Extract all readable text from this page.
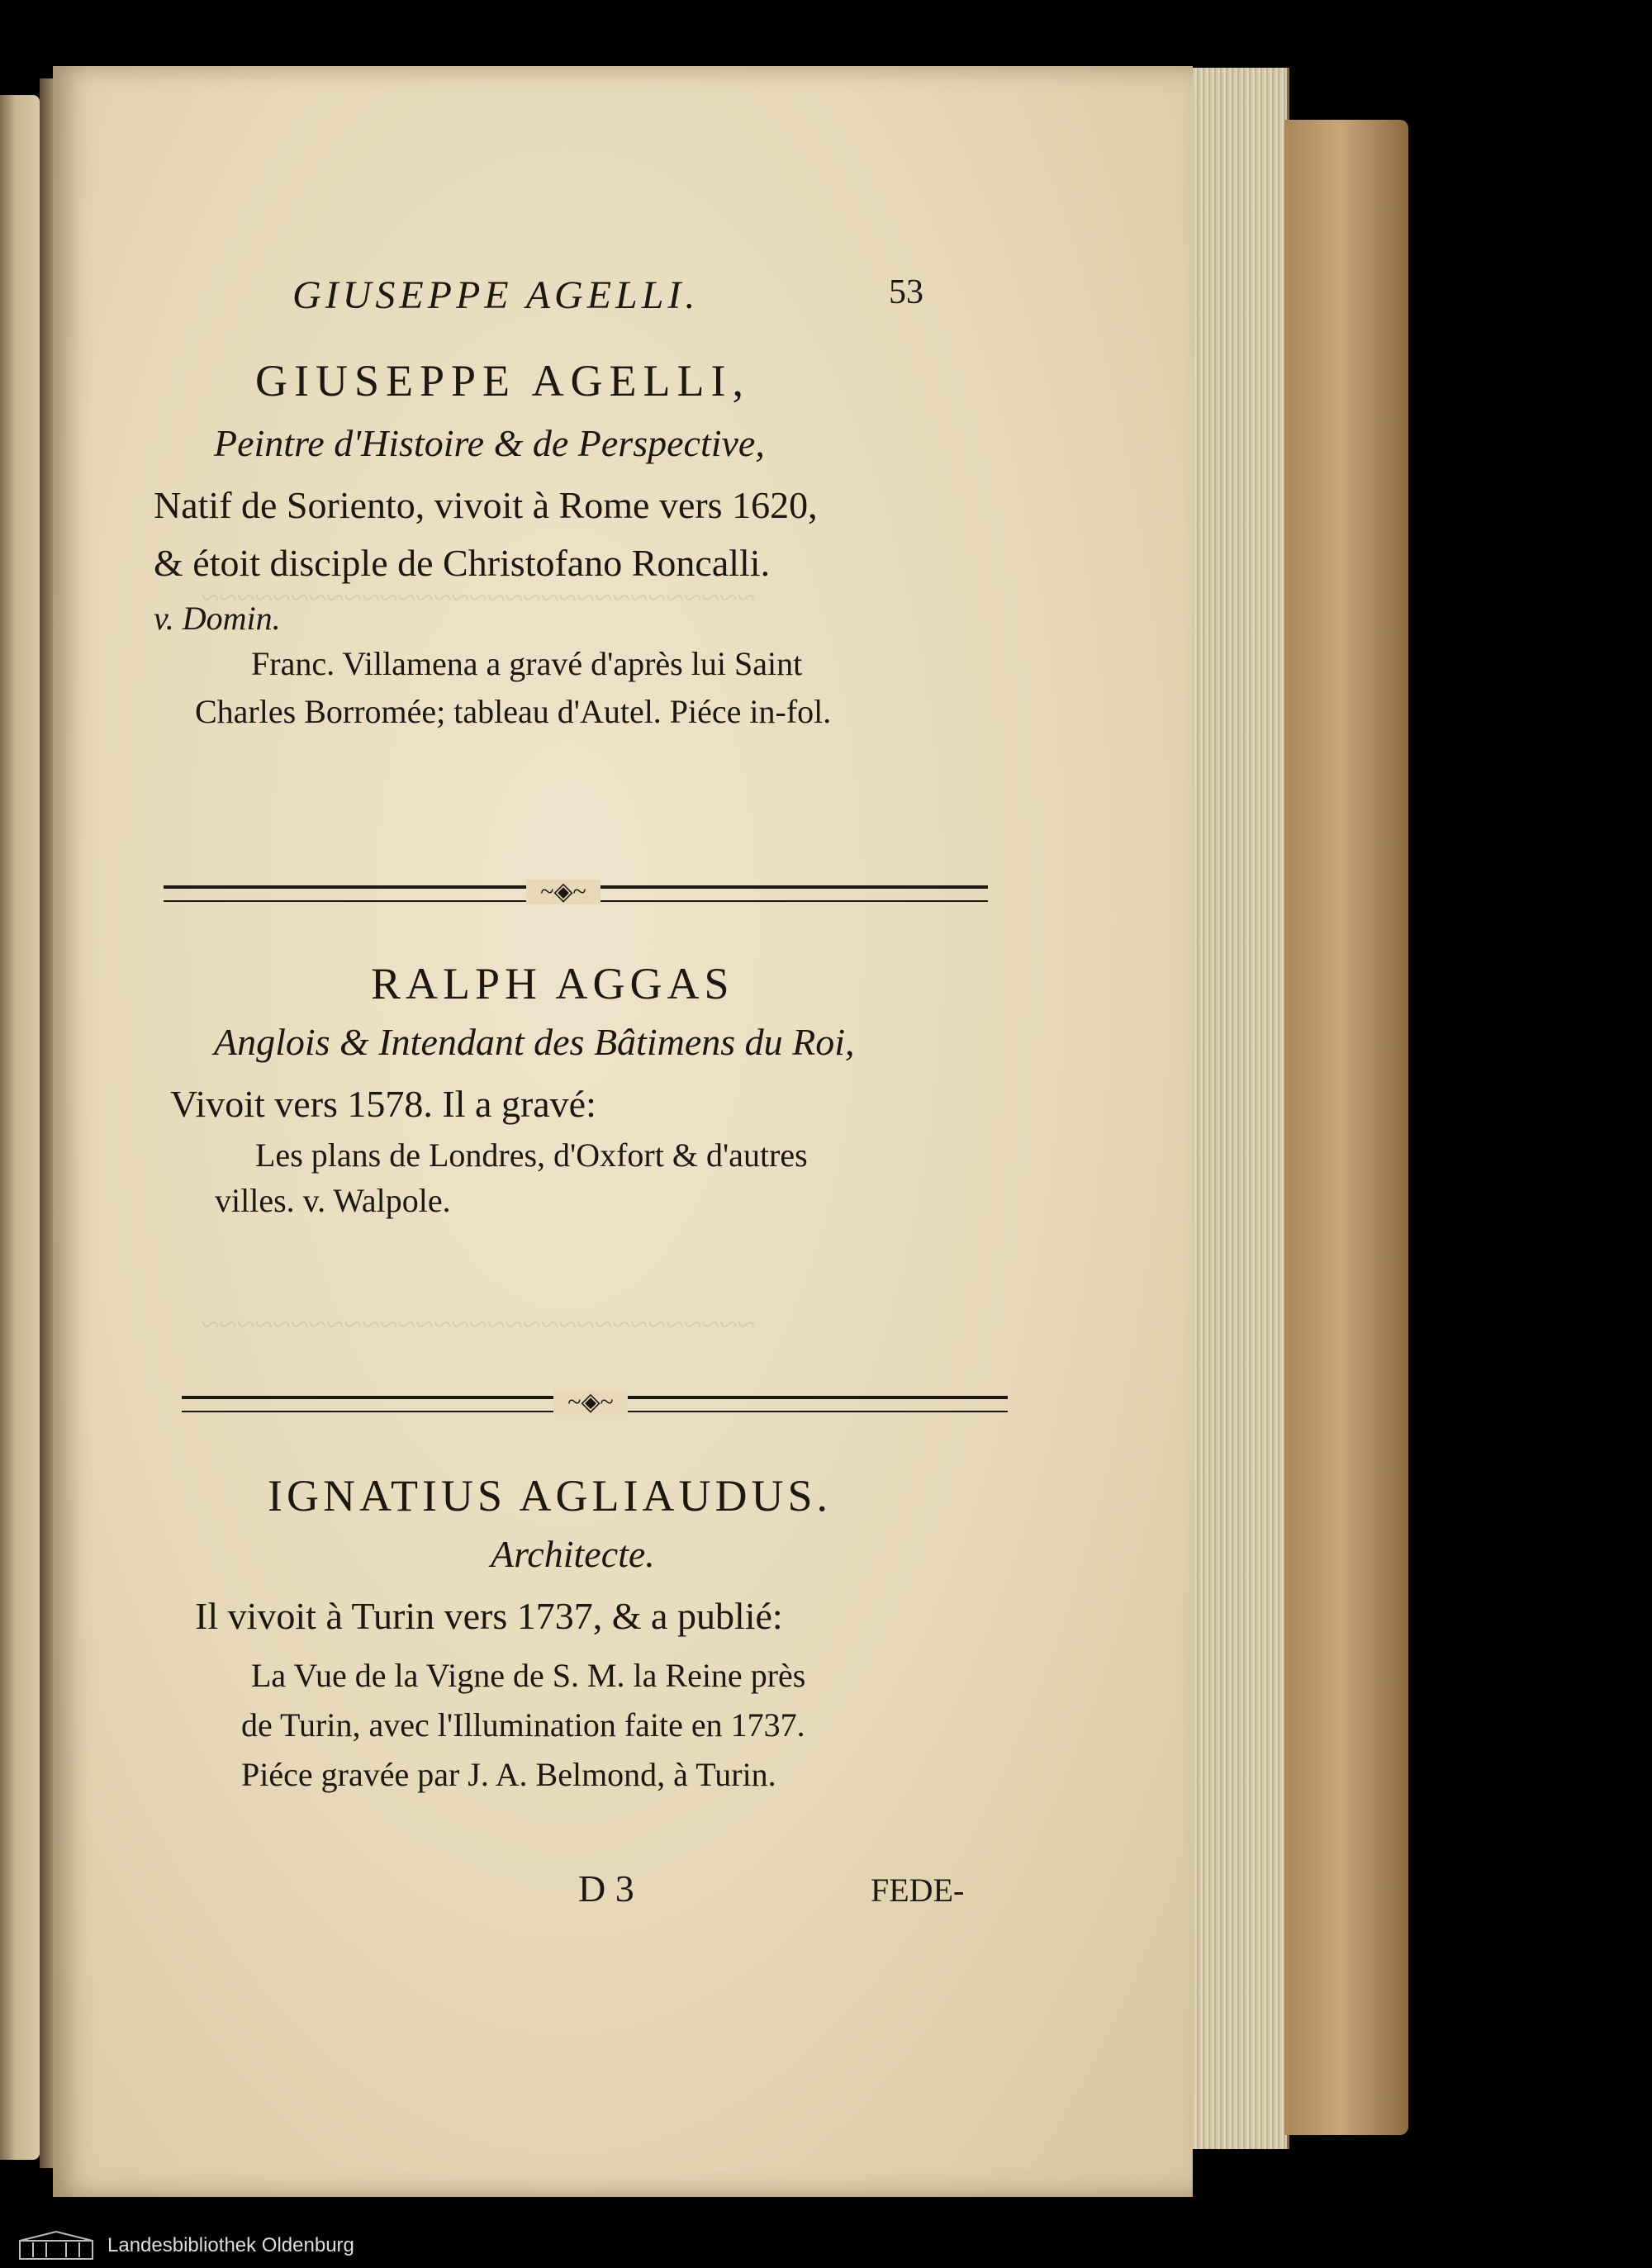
~~~~~~~~~~~~~~~~~~~~~~~~~~~~~~~
~~~~~~~~~~~~~~~~~~~~~~~~~~~~~~~
GIUSEPPE AGELLI.	53
GIUSEPPE AGELLI,
Peintre d'Histoire & de Perspective,
Natif de Soriento, vivoit à Rome vers 1620,
& étoit disciple de Christofano Roncalli.
v. Domin.
Franc. Villamena a gravé d'après lui Saint
Charles Borromée; tableau d'Autel. Piéce in-fol.
~◈~
RALPH AGGAS
Anglois & Intendant des Bâtimens du Roi,
Vivoit vers 1578. Il a gravé:
Les plans de Londres, d'Oxfort & d'autres
villes. v. Walpole.
~◈~
IGNATIUS AGLIAUDUS.
Architecte.
Il vivoit à Turin vers 1737, & a publié:
La Vue de la Vigne de S. M. la Reine près
de Turin, avec l'Illumination faite en 1737.
Piéce gravée par J. A. Belmond, à Turin.
D 3	FEDE-
Landesbibliothek Oldenburg
